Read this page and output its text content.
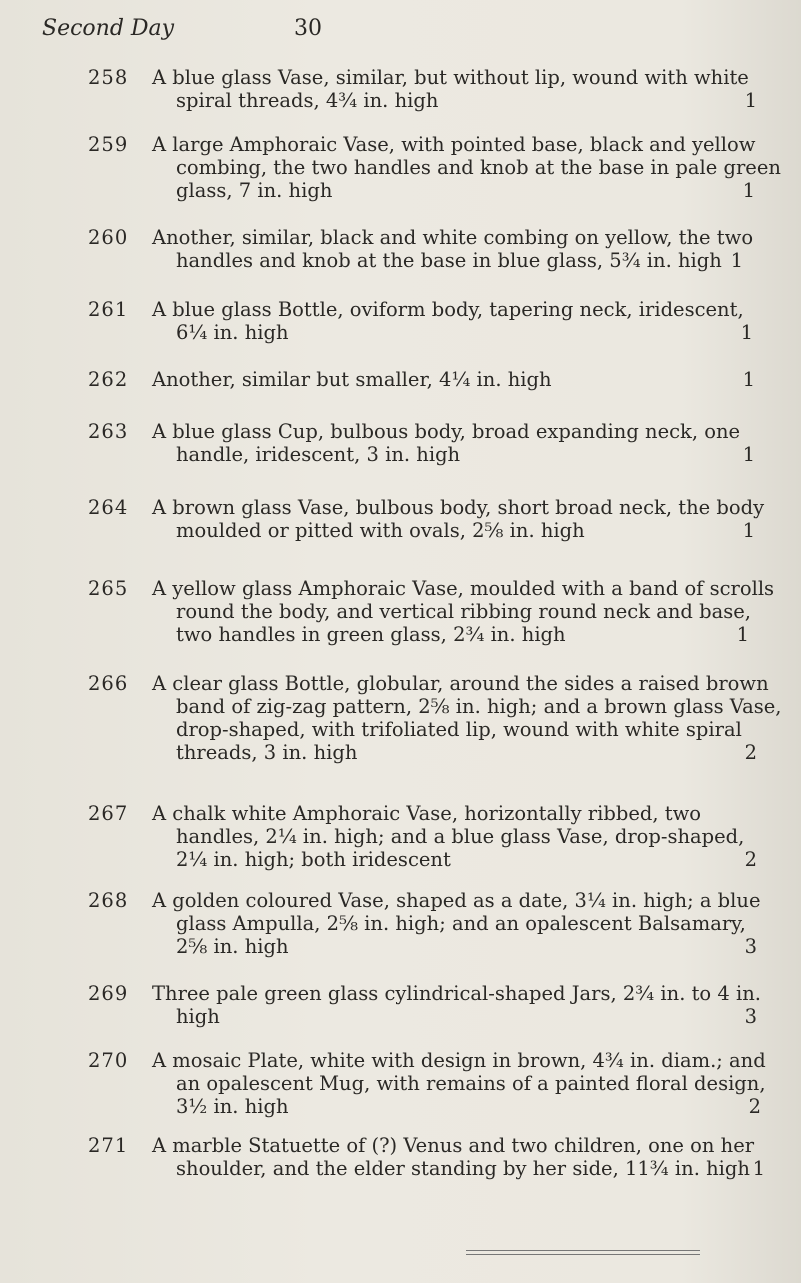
Second Day	30
258 A blue glass Vase, similar, but without lip, wound with white
spiral threads, 4¾ in. high	1
259 A large Amphoraic Vase, with pointed base, black and yellow
combing, the two handles and knob at the base in pale green
glass, 7 in. high	1
260 Another, similar, black and white combing on yellow, the two
handles and knob at the base in blue glass, 5¾ in. high 1
261 A blue glass Bottle, oviform body, tapering neck, iridescent,
6¼ in. high	1
262 Another, similar but smaller, 4¼ in. high	1
263 A blue glass Cup, bulbous body, broad expanding neck, one
handle, iridescent, 3 in. high	1
264 A brown glass Vase, bulbous body, short broad neck, the body
moulded or pitted with ovals, 2⅝ in. high	1
265 A yellow glass Amphoraic Vase, moulded with a band of scrolls
round the body, and vertical ribbing round neck and base,
two handles in green glass, 2¾ in. high	1
266 A clear glass Bottle, globular, around the sides a raised brown
band of zig-zag pattern, 2⅝ in. high; and a brown glass Vase,
drop-shaped, with trifoliated lip, wound with white spiral
threads, 3 in. high	2
267 A chalk white Amphoraic Vase, horizontally ribbed, two
handles, 2¼ in. high; and a blue glass Vase, drop-shaped,
2¼ in. high; both iridescent	2
268 A golden coloured Vase, shaped as a date, 3¼ in. high; a blue
glass Ampulla, 2⅝ in. high; and an opalescent Balsamary,
2⅝ in. high	3
269 Three pale green glass cylindrical-shaped Jars, 2¾ in. to 4 in.
high	3
270 A mosaic Plate, white with design in brown, 4¾ in. diam.; and
an opalescent Mug, with remains of a painted floral design,
3½ in. high	2
271 A marble Statuette of (?) Venus and two children, one on her
shoulder, and the elder standing by her side, 11¾ in. high 1
